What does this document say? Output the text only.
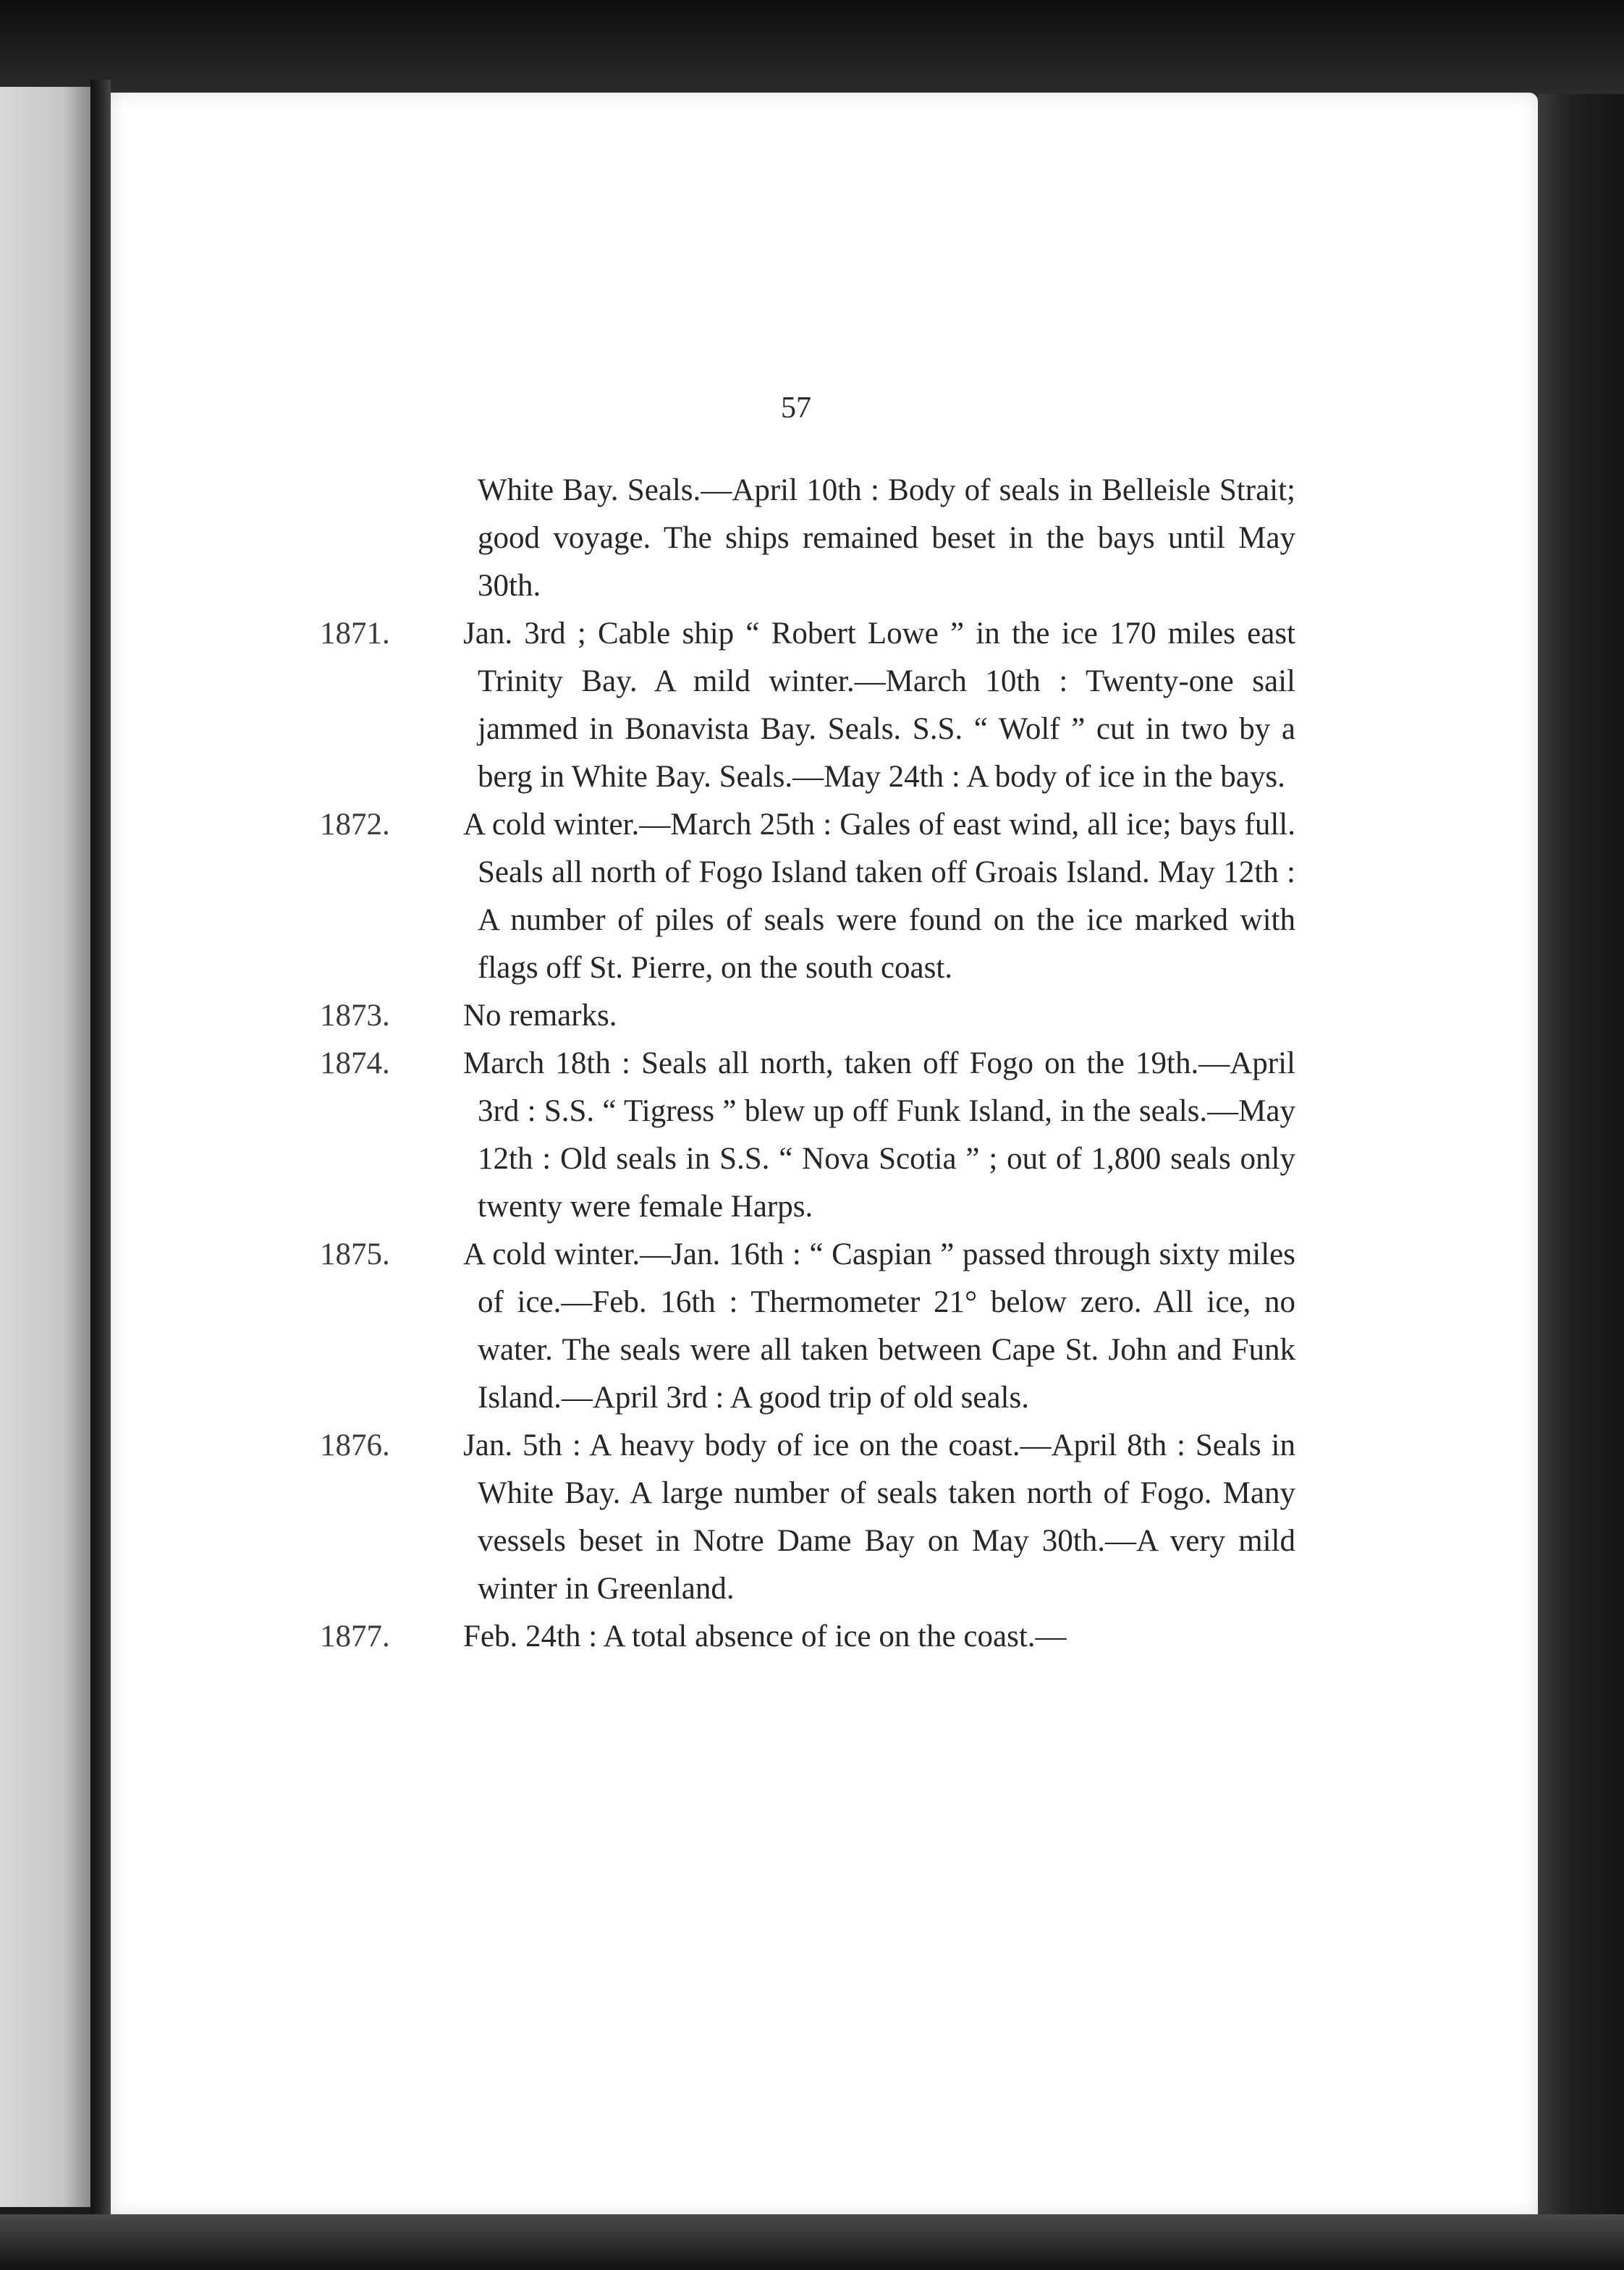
57
White Bay. Seals.—April 10th : Body of seals in Belleisle Strait; good voyage. The ships remained beset in the bays until May 30th.
1871.	Jan. 3rd ; Cable ship “ Robert Lowe ” in the ice 170 miles east Trinity Bay. A mild winter.—March 10th : Twenty-one sail jammed in Bonavista Bay. Seals. S.S. “ Wolf ” cut in two by a berg in White Bay. Seals.—May 24th : A body of ice in the bays.
1872.	A cold winter.—March 25th : Gales of east wind, all ice; bays full. Seals all north of Fogo Island taken off Groais Island. May 12th : A number of piles of seals were found on the ice marked with flags off St. Pierre, on the south coast.
1873.	No remarks.
1874.	March 18th : Seals all north, taken off Fogo on the 19th.—April 3rd : S.S. “ Tigress ” blew up off Funk Island, in the seals.—May 12th : Old seals in S.S. “ Nova Scotia ” ; out of 1,800 seals only twenty were female Harps.
1875.	A cold winter.—Jan. 16th : “ Caspian ” passed through sixty miles of ice.—Feb. 16th : Thermometer 21° below zero. All ice, no water. The seals were all taken between Cape St. John and Funk Island.—April 3rd : A good trip of old seals.
1876.	Jan. 5th : A heavy body of ice on the coast.—April 8th : Seals in White Bay. A large number of seals taken north of Fogo. Many vessels beset in Notre Dame Bay on May 30th.—A very mild winter in Greenland.
1877.	Feb. 24th : A total absence of ice on the coast.—
